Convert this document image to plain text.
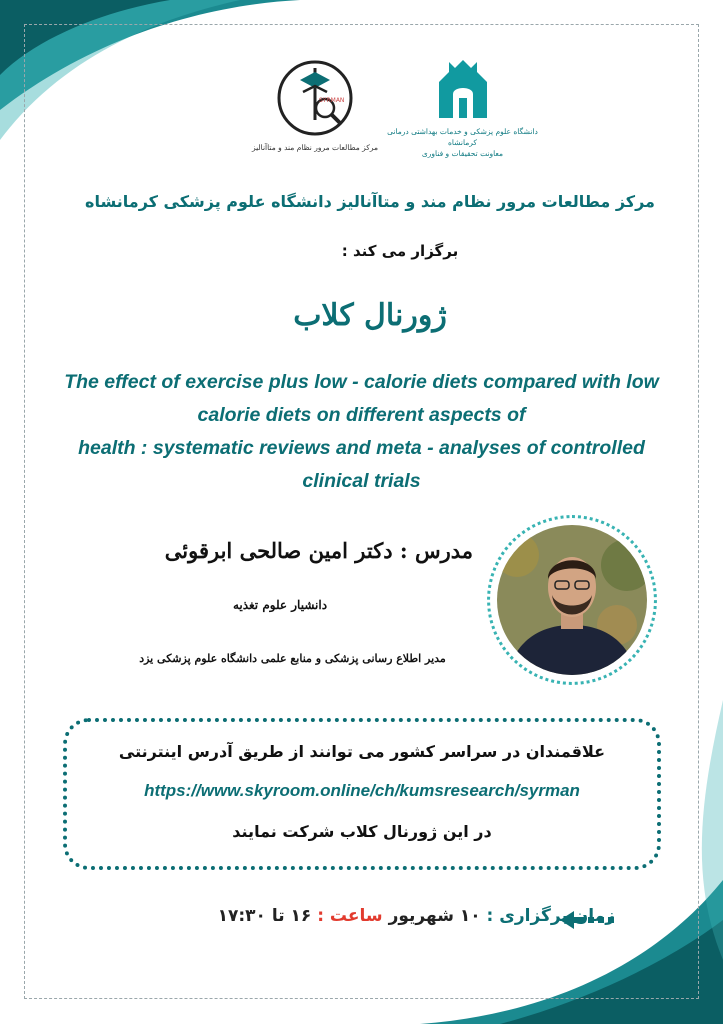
SYRMAN
مرکز مطالعات مرور نظام مند و متاآنالیز
دانشگاه علوم پزشکی و خدمات بهداشتی درمانی کرمانشاه
معاونت تحقیقات و فناوری
مرکز مطالعات مرور نظام مند و متاآنالیز دانشگاه علوم پزشکی کرمانشاه
برگزار می کند :
ژورنال کلاب
The effect of exercise plus low - calorie diets compared with low
calorie diets on different aspects of
health : systematic reviews and meta - analyses of controlled
clinical trials
مدرس : دکتر امین صالحی ابرقوئی
دانشیار علوم تغذیه
مدیر اطلاع رسانی پزشکی و منابع علمی دانشگاه علوم پزشکی یزد
علاقمندان در سراسر کشور می توانند از طریق آدرس اینترنتی
https://www.skyroom.online/ch/kumsresearch/syrman
در این ژورنال کلاب شرکت نمایند
زمان برگزاری : ۱۰ شهریور ساعت : ۱۶ تا ۱۷:۳۰
